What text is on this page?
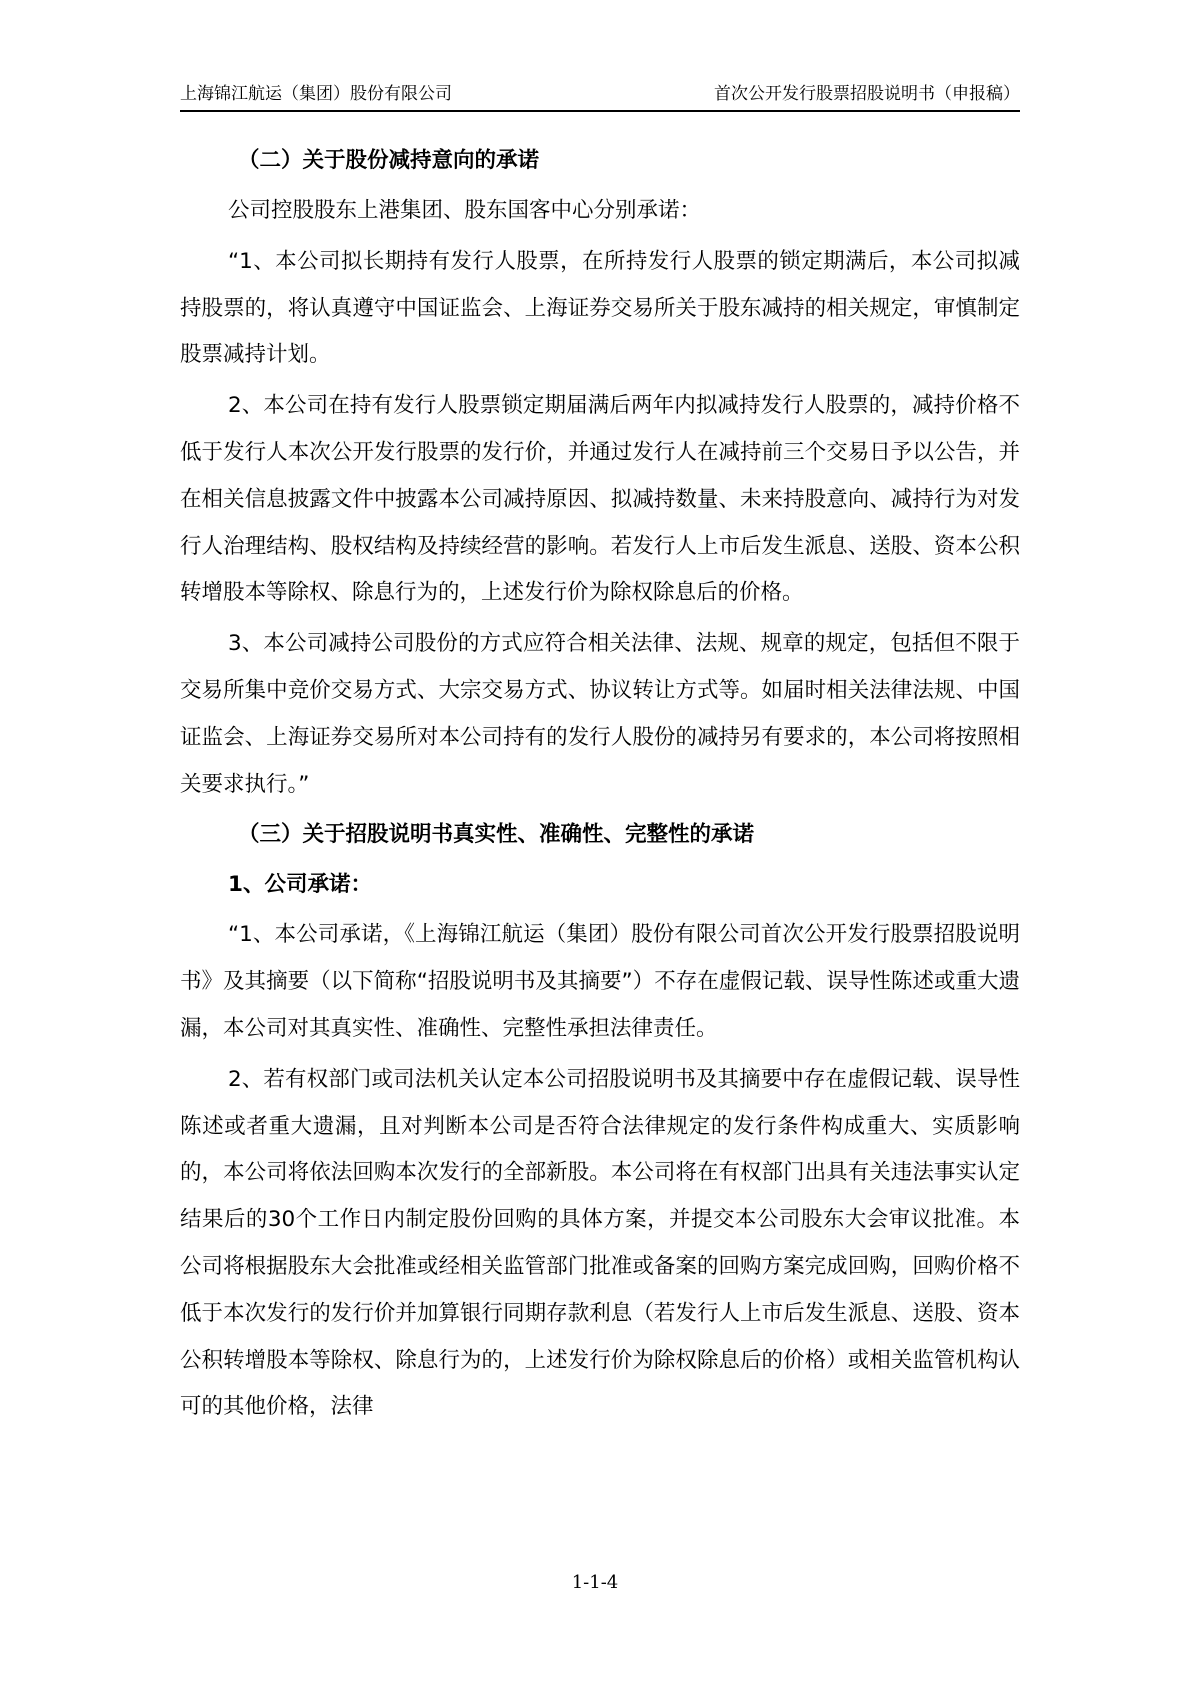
上海锦江航运（集团）股份有限公司	首次公开发行股票招股说明书（申报稿）
（二）关于股份减持意向的承诺

公司控股股东上港集团、股东国客中心分别承诺：

“1、本公司拟长期持有发行人股票，在所持发行人股票的锁定期满后，本公司拟减持股票的，将认真遵守中国证监会、上海证券交易所关于股东减持的相关规定，审慎制定股票减持计划。

2、本公司在持有发行人股票锁定期届满后两年内拟减持发行人股票的，减持价格不低于发行人本次公开发行股票的发行价，并通过发行人在减持前三个交易日予以公告，并在相关信息披露文件中披露本公司减持原因、拟减持数量、未来持股意向、减持行为对发行人治理结构、股权结构及持续经营的影响。若发行人上市后发生派息、送股、资本公积转增股本等除权、除息行为的，上述发行价为除权除息后的价格。

3、本公司减持公司股份的方式应符合相关法律、法规、规章的规定，包括但不限于交易所集中竞价交易方式、大宗交易方式、协议转让方式等。如届时相关法律法规、中国证监会、上海证券交易所对本公司持有的发行人股份的减持另有要求的，本公司将按照相关要求执行。”

（三）关于招股说明书真实性、准确性、完整性的承诺
1、公司承诺：

“1、本公司承诺，《上海锦江航运（集团）股份有限公司首次公开发行股票招股说明书》及其摘要（以下简称“招股说明书及其摘要”）不存在虚假记载、误导性陈述或重大遗漏，本公司对其真实性、准确性、完整性承担法律责任。

2、若有权部门或司法机关认定本公司招股说明书及其摘要中存在虚假记载、误导性陈述或者重大遗漏，且对判断本公司是否符合法律规定的发行条件构成重大、实质影响的，本公司将依法回购本次发行的全部新股。本公司将在有权部门出具有关违法事实认定结果后的30个工作日内制定股份回购的具体方案，并提交本公司股东大会审议批准。本公司将根据股东大会批准或经相关监管部门批准或备案的回购方案完成回购，回购价格不低于本次发行的发行价并加算银行同期存款利息（若发行人上市后发生派息、送股、资本公积转增股本等除权、除息行为的，上述发行价为除权除息后的价格）或相关监管机构认可的其他价格，法律

1-1-4
